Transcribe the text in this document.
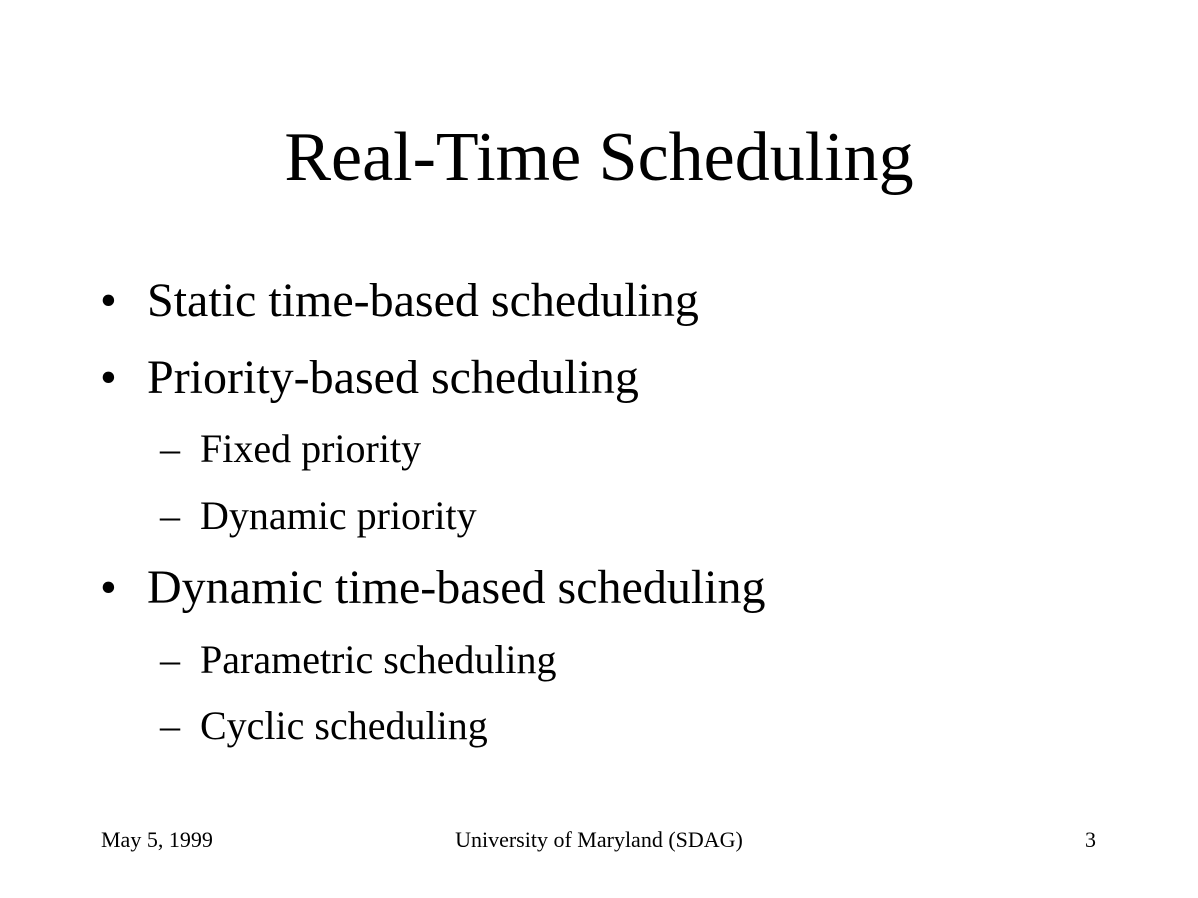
Real-Time Scheduling
• Static time-based scheduling
• Priority-based scheduling
– Fixed priority
– Dynamic priority
• Dynamic time-based scheduling
– Parametric scheduling
– Cyclic scheduling
May 5, 1999	University of Maryland (SDAG)	3
